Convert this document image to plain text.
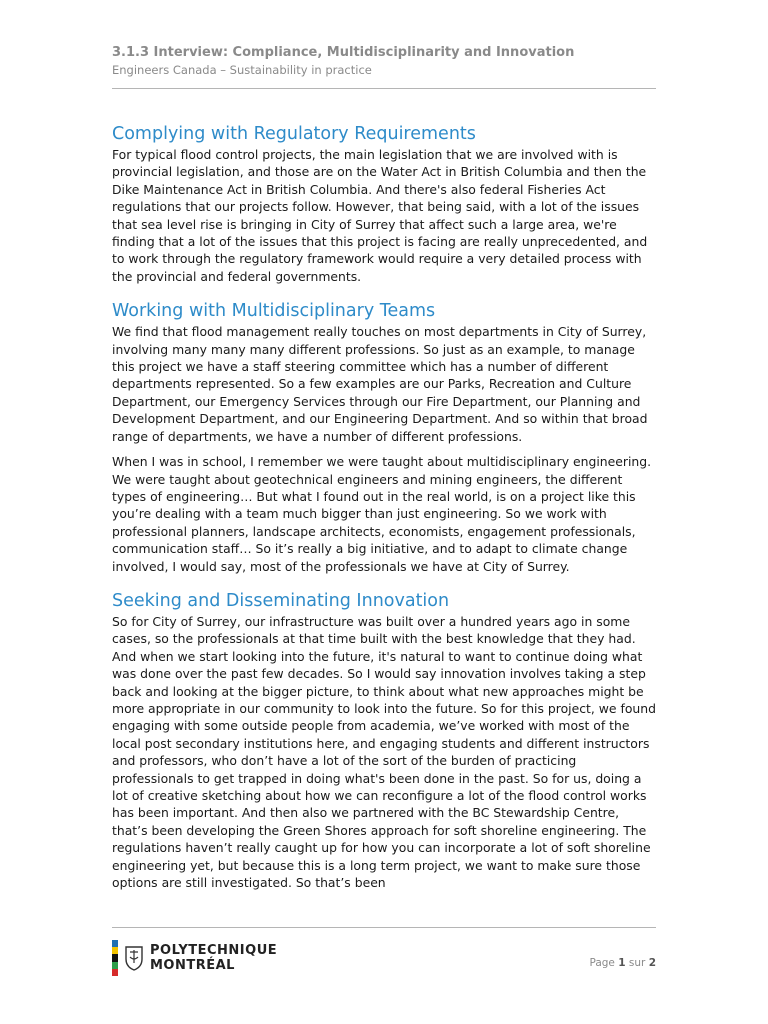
3.1.3 Interview: Compliance, Multidisciplinarity and Innovation
Engineers Canada – Sustainability in practice
Complying with Regulatory Requirements

For typical flood control projects, the main legislation that we are involved with is provincial legislation, and those are on the Water Act in British Columbia and then the Dike Maintenance Act in British Columbia. And there's also federal Fisheries Act regulations that our projects follow. However, that being said, with a lot of the issues that sea level rise is bringing in City of Surrey that affect such a large area, we're finding that a lot of the issues that this project is facing are really unprecedented, and to work through the regulatory framework would require a very detailed process with the provincial and federal governments.

Working with Multidisciplinary Teams

We find that flood management really touches on most departments in City of Surrey, involving many many many different professions. So just as an example, to manage this project we have a staff steering committee which has a number of different departments represented. So a few examples are our Parks, Recreation and Culture Department, our Emergency Services through our Fire Department, our Planning and Development Department, and our Engineering Department. And so within that broad range of departments, we have a number of different professions.

When I was in school, I remember we were taught about multidisciplinary engineering. We were taught about geotechnical engineers and mining engineers, the different types of engineering… But what I found out in the real world, is on a project like this you’re dealing with a team much bigger than just engineering. So we work with professional planners, landscape architects, economists, engagement professionals, communication staff… So it’s really a big initiative, and to adapt to climate change involved, I would say, most of the professionals we have at City of Surrey.

Seeking and Disseminating Innovation

So for City of Surrey, our infrastructure was built over a hundred years ago in some cases, so the professionals at that time built with the best knowledge that they had. And when we start looking into the future, it's natural to want to continue doing what was done over the past few decades. So I would say innovation involves taking a step back and looking at the bigger picture, to think about what new approaches might be more appropriate in our community to look into the future. So for this project, we found engaging with some outside people from academia, we’ve worked with most of the local post secondary institutions here, and engaging students and different instructors and professors, who don’t have a lot of the sort of the burden of practicing professionals to get trapped in doing what's been done in the past. So for us, doing a lot of creative sketching about how we can reconfigure a lot of the flood control works has been important. And then also we partnered with the BC Stewardship Centre, that’s been developing the Green Shores approach for soft shoreline engineering. The regulations haven’t really caught up for how you can incorporate a lot of soft shoreline engineering yet, but because this is a long term project, we want to make sure those options are still investigated. So that’s been

POLYTECHNIQUE
MONTRÉAL	Page 1 sur 2
